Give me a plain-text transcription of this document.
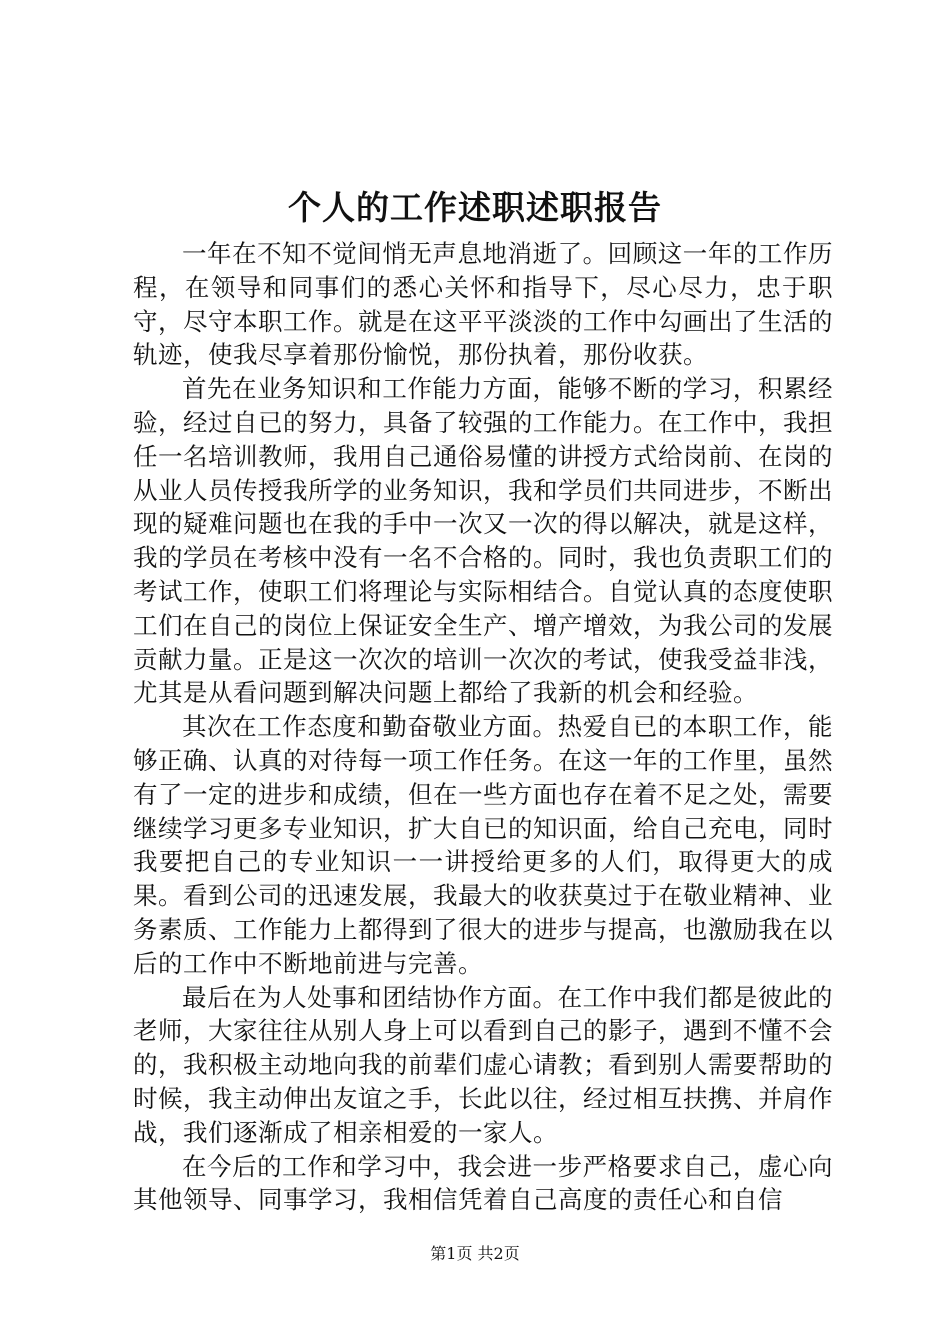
个人的工作述职述职报告

一年在不知不觉间悄无声息地消逝了。回顾这一年的工作历程，在领导和同事们的悉心关怀和指导下，尽心尽力，忠于职守，尽守本职工作。就是在这平平淡淡的工作中勾画出了生活的轨迹，使我尽享着那份愉悦，那份执着，那份收获。

首先在业务知识和工作能力方面，能够不断的学习，积累经验，经过自已的努力，具备了较强的工作能力。在工作中，我担任一名培训教师，我用自己通俗易懂的讲授方式给岗前、在岗的从业人员传授我所学的业务知识，我和学员们共同进步，不断出现的疑难问题也在我的手中一次又一次的得以解决，就是这样，我的学员在考核中没有一名不合格的。同时，我也负责职工们的考试工作，使职工们将理论与实际相结合。自觉认真的态度使职工们在自己的岗位上保证安全生产、增产增效，为我公司的发展贡献力量。正是这一次次的培训一次次的考试，使我受益非浅，尤其是从看问题到解决问题上都给了我新的机会和经验。

其次在工作态度和勤奋敬业方面。热爱自已的本职工作，能够正确、认真的对待每一项工作任务。在这一年的工作里，虽然有了一定的进步和成绩，但在一些方面也存在着不足之处，需要继续学习更多专业知识，扩大自已的知识面，给自己充电，同时我要把自己的专业知识一一讲授给更多的人们，取得更大的成果。看到公司的迅速发展，我最大的收获莫过于在敬业精神、业务素质、工作能力上都得到了很大的进步与提高，也激励我在以后的工作中不断地前进与完善。

最后在为人处事和团结协作方面。在工作中我们都是彼此的老师，大家往往从别人身上可以看到自己的影子，遇到不懂不会的，我积极主动地向我的前辈们虚心请教；看到别人需要帮助的时候，我主动伸出友谊之手，长此以往，经过相互扶携、并肩作战，我们逐渐成了相亲相爱的一家人。

在今后的工作和学习中，我会进一步严格要求自己，虚心向其他领导、同事学习，我相信凭着自己高度的责任心和自信

第1页 共2页
